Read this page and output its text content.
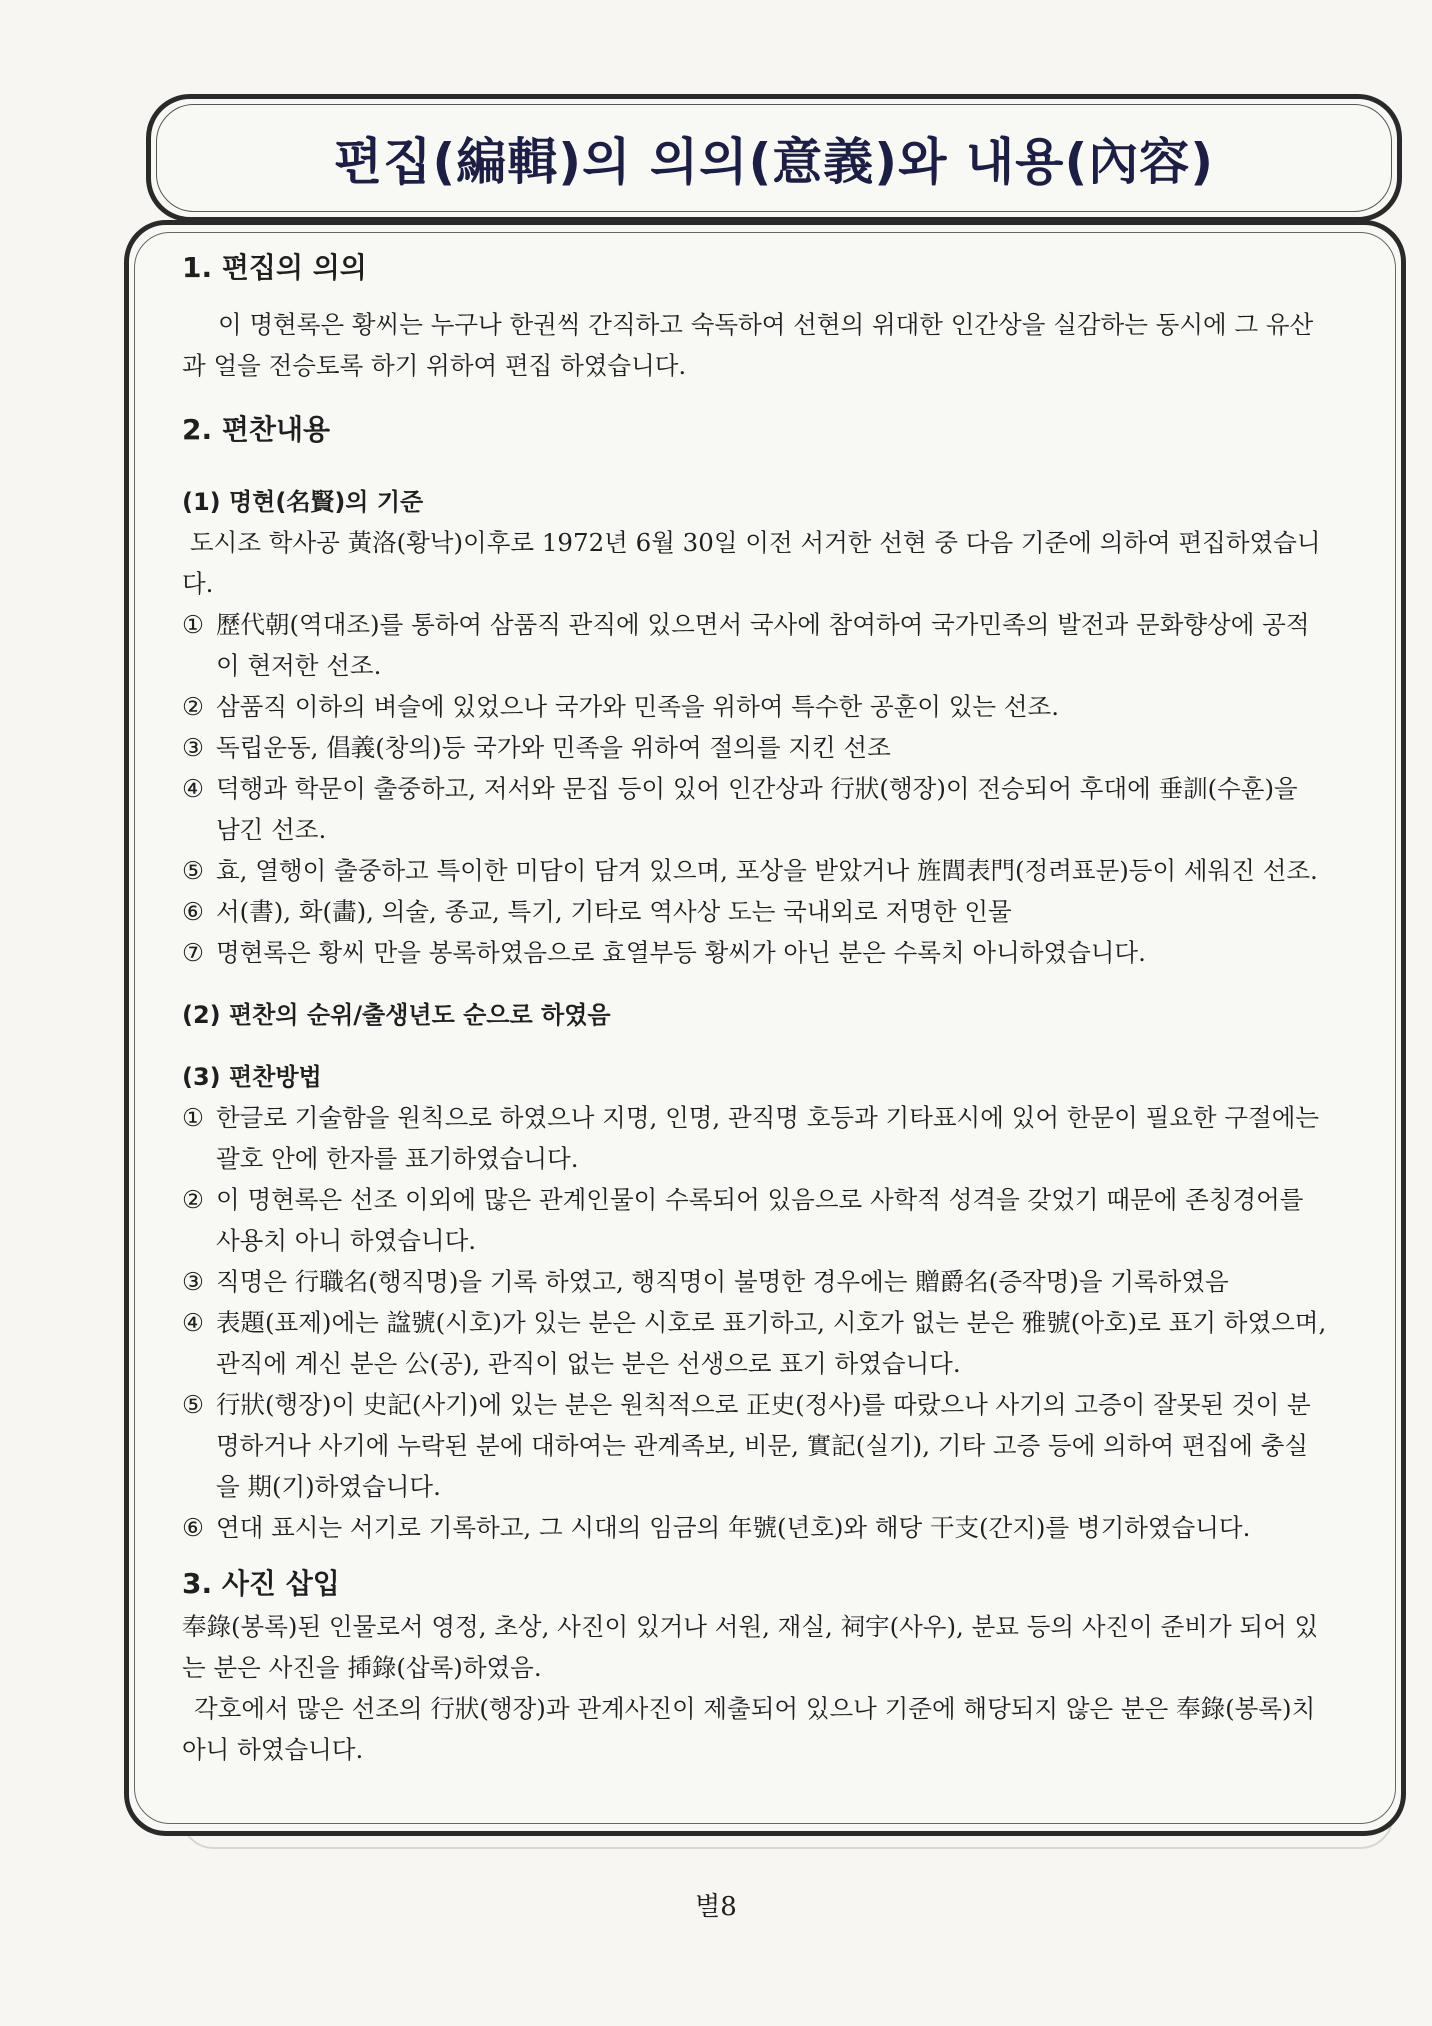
편집(編輯)의 의의(意義)와 내용(內容)
1. 편집의 의의

이 명현록은 황씨는 누구나 한권씩 간직하고 숙독하여 선현의 위대한 인간상을 실감하는 동시에 그 유산과 얼을 전승토록 하기 위하여 편집 하였습니다.

2. 편찬내용
(1) 명현(名賢)의 기준

도시조 학사공 黃洛(황낙)이후로 1972년 6월 30일 이전 서거한 선현 중 다음 기준에 의하여 편집하였습니다.

① 歷代朝(역대조)를 통하여 삼품직 관직에 있으면서 국사에 참여하여 국가민족의 발전과 문화향상에 공적이 현저한 선조.
② 삼품직 이하의 벼슬에 있었으나 국가와 민족을 위하여 특수한 공훈이 있는 선조.
③ 독립운동, 倡義(창의)등 국가와 민족을 위하여 절의를 지킨 선조
④ 덕행과 학문이 출중하고, 저서와 문집 등이 있어 인간상과 行狀(행장)이 전승되어 후대에 垂訓(수훈)을 남긴 선조.
⑤ 효, 열행이 출중하고 특이한 미담이 담겨 있으며, 포상을 받았거나 旌閭表門(정려표문)등이 세워진 선조.
⑥ 서(書), 화(畵), 의술, 종교, 특기, 기타로 역사상 도는 국내외로 저명한 인물
⑦ 명현록은 황씨 만을 봉록하였음으로 효열부등 황씨가 아닌 분은 수록치 아니하였습니다.
(2) 편찬의 순위/출생년도 순으로 하였음
(3) 편찬방법
① 한글로 기술함을 원칙으로 하였으나 지명, 인명, 관직명 호등과 기타표시에 있어 한문이 필요한 구절에는 괄호 안에 한자를 표기하였습니다.
② 이 명현록은 선조 이외에 많은 관계인물이 수록되어 있음으로 사학적 성격을 갖었기 때문에 존칭경어를 사용치 아니 하였습니다.
③ 직명은 行職名(행직명)을 기록 하였고, 행직명이 불명한 경우에는 贈爵名(증작명)을 기록하였음
④ 表題(표제)에는 諡號(시호)가 있는 분은 시호로 표기하고, 시호가 없는 분은 雅號(아호)로 표기 하였으며, 관직에 계신 분은 公(공), 관직이 없는 분은 선생으로 표기 하였습니다.
⑤ 行狀(행장)이 史記(사기)에 있는 분은 원칙적으로 正史(정사)를 따랐으나 사기의 고증이 잘못된 것이 분명하거나 사기에 누락된 분에 대하여는 관계족보, 비문, 實記(실기), 기타 고증 등에 의하여 편집에 충실을 期(기)하였습니다.
⑥ 연대 표시는 서기로 기록하고, 그 시대의 임금의 年號(년호)와 해당 干支(간지)를 병기하였습니다.
3. 사진 삽입

奉錄(봉록)된 인물로서 영정, 초상, 사진이 있거나 서원, 재실, 祠宇(사우), 분묘 등의 사진이 준비가 되어 있는 분은 사진을 揷錄(삽록)하였음.

각호에서 많은 선조의 行狀(행장)과 관계사진이 제출되어 있으나 기준에 해당되지 않은 분은 奉錄(봉록)치 아니 하였습니다.

별8
